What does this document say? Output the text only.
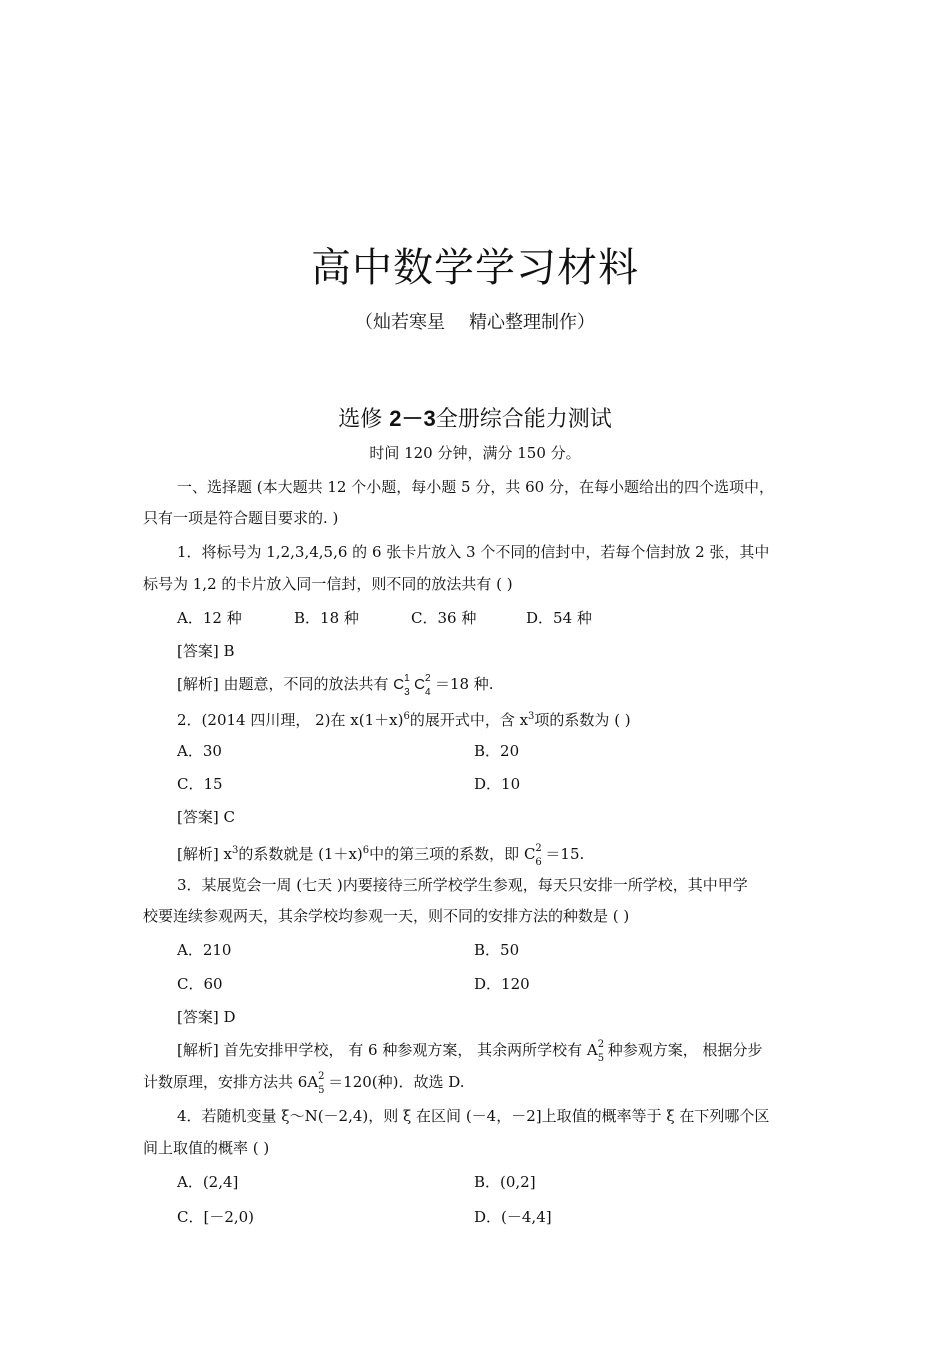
高中数学学习材料
（灿若寒星 精心整理制作）
选修 2－3全册综合能力测试
时间 120 分钟，满分 150 分。
一、选择题 (本大题共 12 个小题，每小题 5 分，共 60 分，在每小题给出的四个选项中，
只有一项是符合题目要求的. )
1．将标号为 1,2,3,4,5,6 的 6 张卡片放入 3 个不同的信封中，若每个信封放 2 张，其中
标号为 1,2 的卡片放入同一信封，则不同的放法共有 ( )
A．12 种	B．18 种	C．36 种	D．54 种
[答案] B
[解析] 由题意，不同的放法共有 C 1
3 C 2
4 ＝18 种.
2．(2014 四川理， 2)在 $x(1+x)^6$的展开式中，含 $x^3$项的系数为 ( )
A．30	B．20
C．15	D．10
[答案] C
[解析] $x^3$的系数就是 $(1+x)^6$中的第三项的系数，即 C 2
6 ＝15.
3．某展览会一周 (七天 )内要接待三所学校学生参观，每天只安排一所学校，其中甲学
校要连续参观两天，其余学校均参观一天，则不同的安排方法的种数是 ( )
A．210	B．50
C．60	D．120
[答案] D
[解析] 首先安排甲学校， 有 6 种参观方案， 其余两所学校有 A 2
5 种参观方案， 根据分步
计数原理，安排方法共 6A 2
5 ＝120(种)．故选 D.
4．若随机变量 ξ～N(－2,4)，则 ξ 在区间 (－4，－2]上取值的概率等于 ξ 在下列哪个区
间上取值的概率 ( )
A．(2,4]	B．(0,2]
C．[－2,0)	D．(－4,4]
